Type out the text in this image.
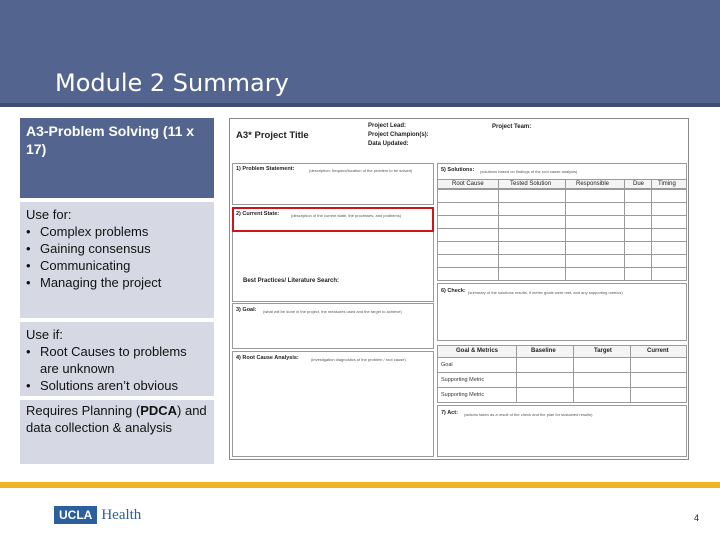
Module 2 Summary
A3-Problem Solving (11 x 17)
Use for:
• Complex problems
• Gaining consensus
• Communicating
• Managing the project
Use if:
• Root Causes to problems are unknown
• Solutions aren’t obvious
Requires Planning (PDCA) and data collection & analysis
A3* Project Title
Project Lead:
Project Champion(s):
Data Updated:
Project Team:
1) Problem Statement:	(description: frequent/location of the problem to be solved)
2) Current State:	(description of the current state, the processes, and problems)
Best Practices/ Literature Search:
3) Goal: (what will be done in the project, the measures used and the target to achieve)
4) Root Cause Analysis:	(investigation diagnostics of the problem / root cause)
5) Solutions: (solutions based on findings of the root cause analysis)
Root Cause	Tested Solution	Responsible	Due Timing
6) Check: (summary of the solutions results, if metric goals were met, and any supporting metrics)
Goal & Metrics	Baseline	Target	Current
Goal
Supporting Metric
Supporting Metric
7) Act: (actions taken as a result of the check and the plan for sustained results)
UCLA Health	4
